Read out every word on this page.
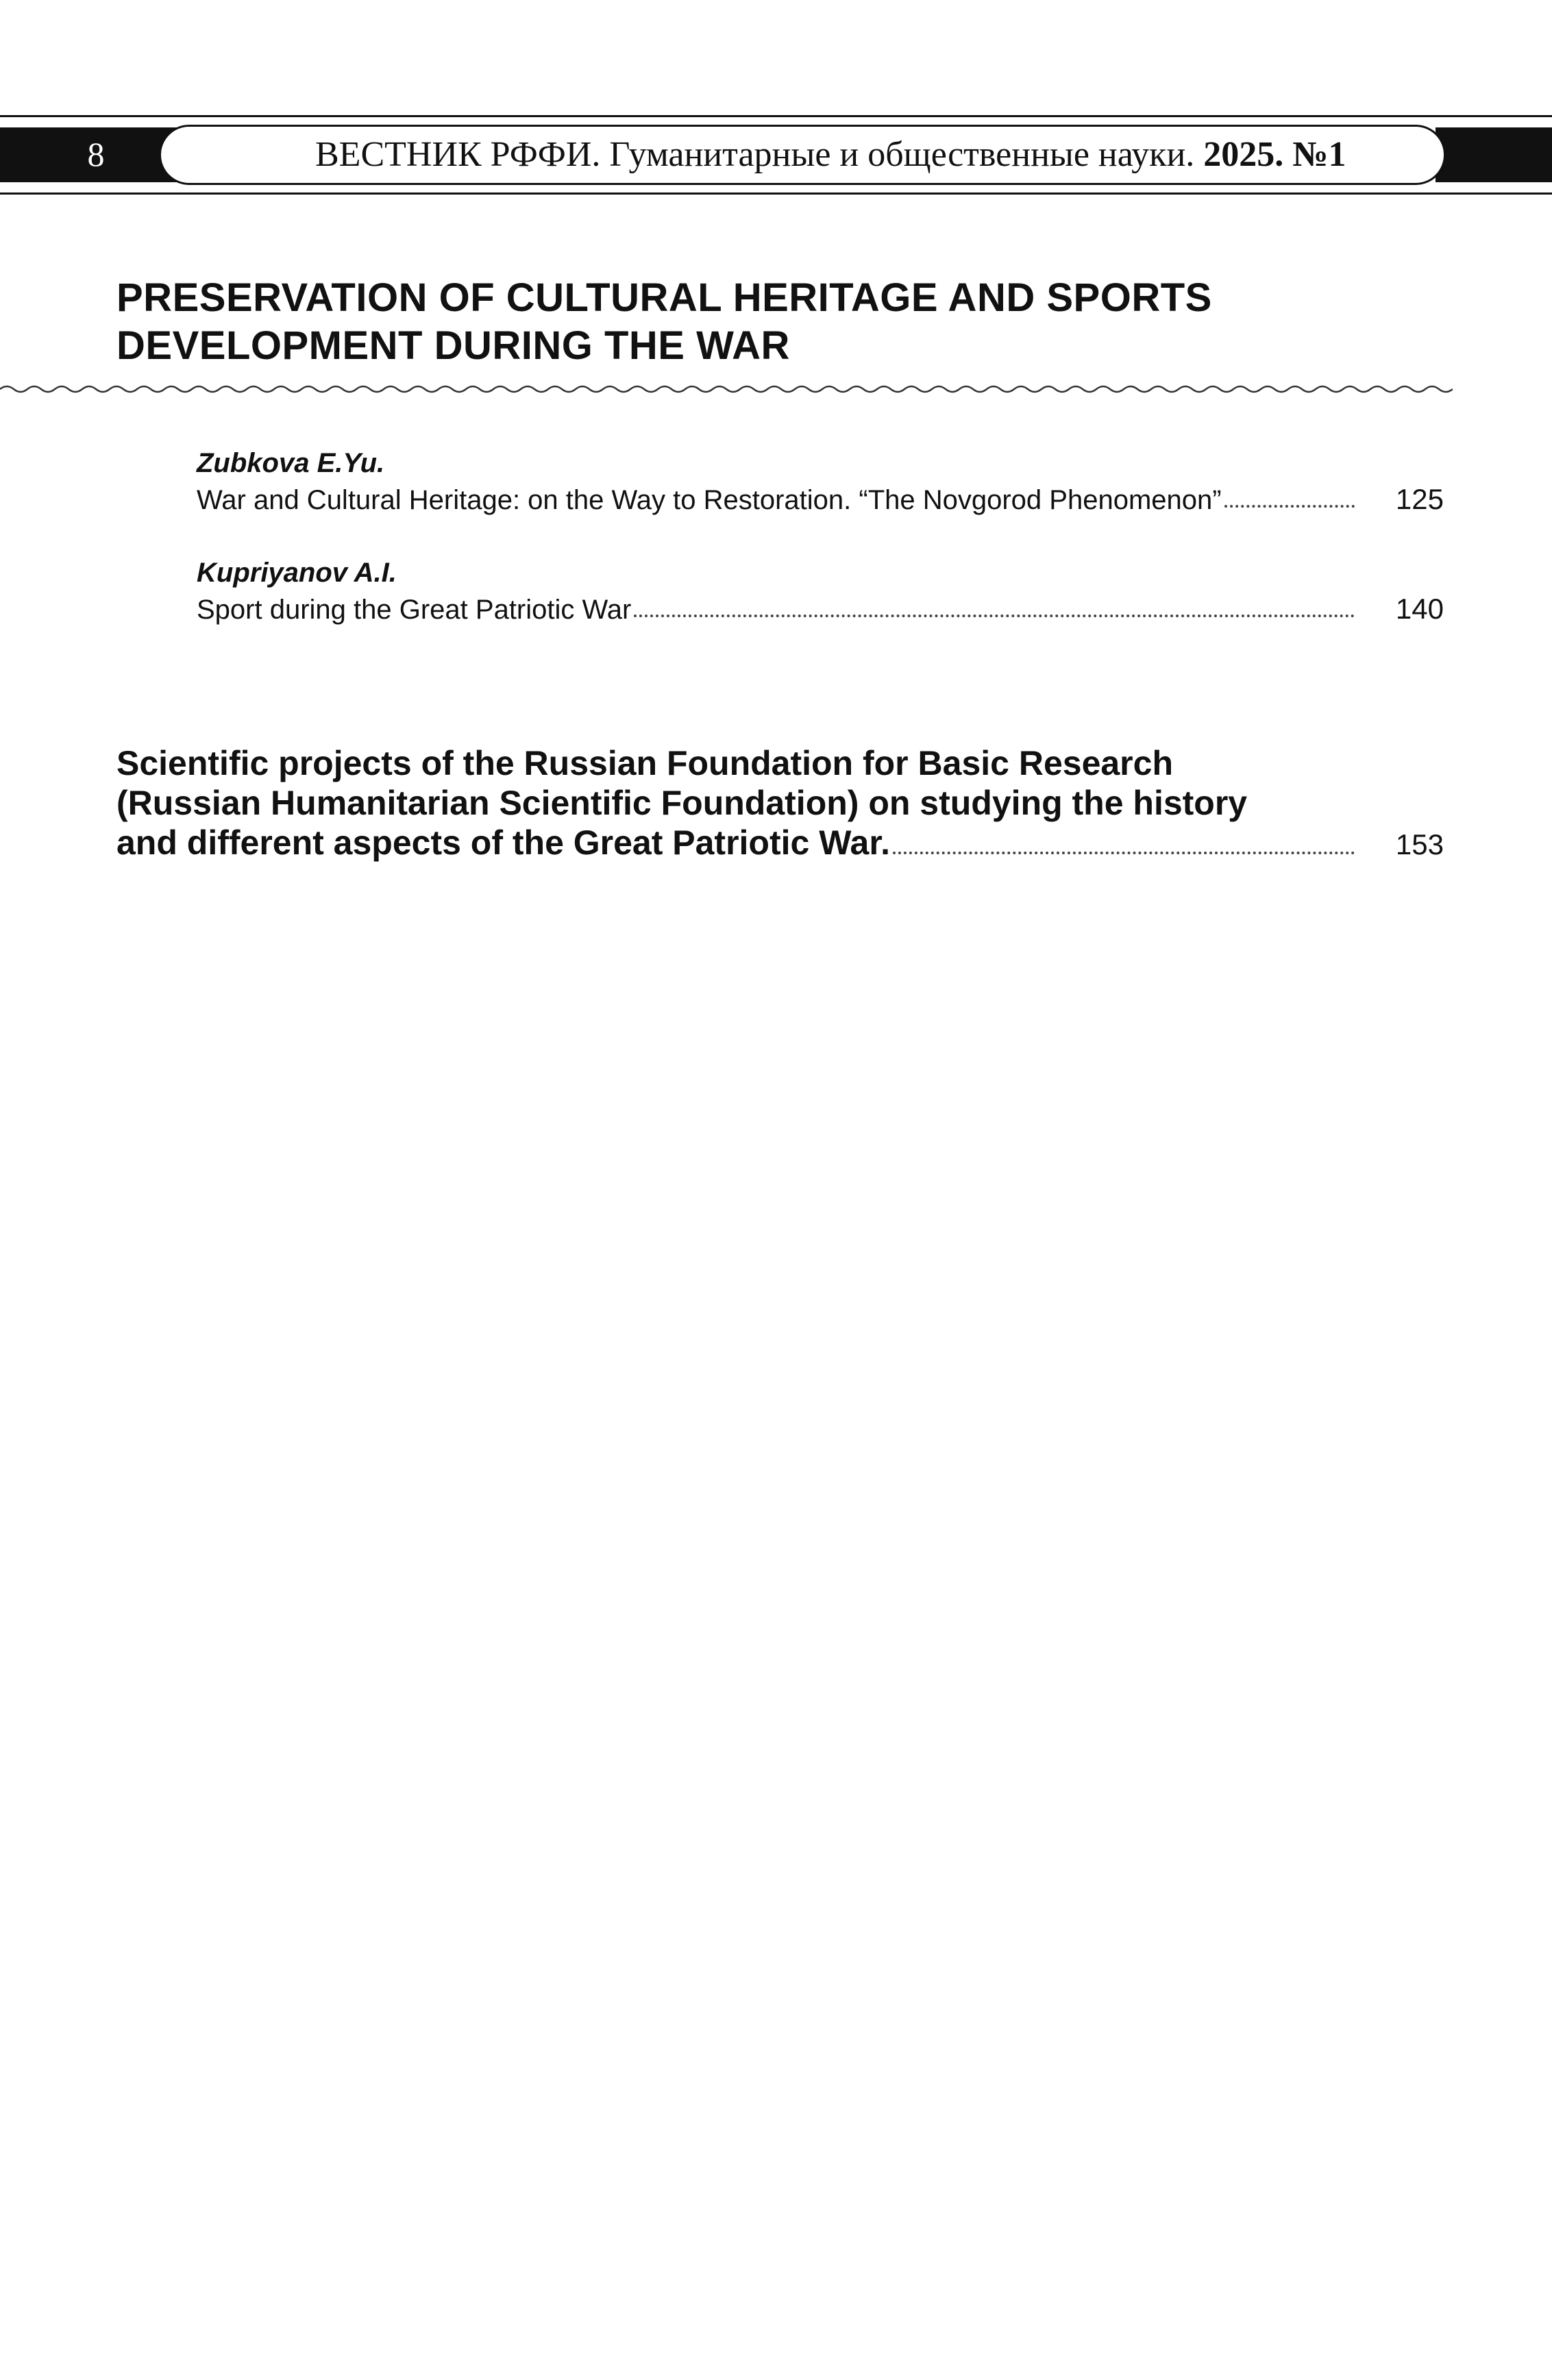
8	ВЕСТНИК РФФИ. Гуманитарные и общественные науки. 2025. №1
PRESERVATION OF CULTURAL HERITAGE AND SPORTS
DEVELOPMENT DURING THE WAR
Zubkova E.Yu.
War and Cultural Heritage: on the Way to Restoration. “The Novgorod Phenomenon”	125
Kupriyanov A.I.
Sport during the Great Patriotic War	140
Scientific projects of the Russian Foundation for Basic Research
(Russian Humanitarian Scientific Foundation) on studying the history
and different aspects of the Great Patriotic War.	153
